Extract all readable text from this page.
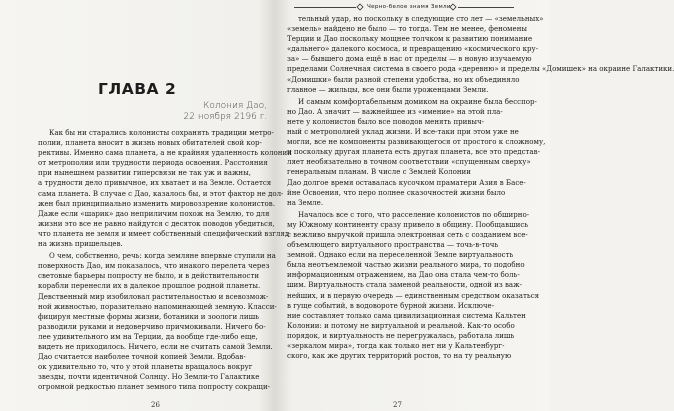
ГЛАВА 2
Колония Дао,
22 ноября 2196 г.
Как бы ни старались колонисты сохранять традиции метро-
полии, планета вносит в жизнь новых обитателей свой кор-
рективы. Именно сама планета, а не крайняя удаленность колонии
от метрополии или трудности периода освоения. Расстояния
при нынешнем развитии гиперсвязи не так уж и важны,
а трудности дело привычное, их хватает и на Земле. Остается
сама планета. В случае с Дао, казалось бы, и этот фактор не дол-
жен был принципиально изменить мировоззрение колонистов.
Даже если «шарик» дао неприличим похож на Землю, то для
жизни это все не равно найдутся с десяток поводов убедиться,
что планета не земля и имеет собственный специфический взгляд
на жизнь пришельцев.
О чем, собственно, речь: когда земляне впервые ступили на
поверхность Дао, им показалось, что инакого перелета через
световые барьеры попросту не было, и в действительности
корабли перенесли их в далекое прошлое родной планеты.
Девственный мир изобиловал растительностью и всевозмож-
ной живностью, поразительно напоминающей земную. Класси-
фицируя местные формы жизни, ботаники и зоологи лишь
разводили руками и недоверчиво причмокивали. Ничего бо-
лее удивительного им на Терции, да вообще где-либо еще,
видеть не приходилось. Ничего, если не считать самой Земли.
Дао считается наиболее точной копией Земли. Вдобав-
ок удивительно то, что у этой планеты вращалось вокруг
звезды, почти идентичной Солнцу. Но Земли-то Галактике
огромной редкостью планет земного типа попросту сокращи-
26
Черно-белое знамя Земли
тельный удар, но поскольку в следующие сто лет — «земельных»
«земель» найдено не было — то тогда. Тем не менее, феномены
Терции и Дао поскольку мощнее толчком к развитию понимание
«дальнего» далекого космоса, и превращению «космического кру-
за» — бывшего дома ещё в нас от пределы — в новую изучаемую
пределами Солнечная система в своего рода «деревню» и пределы «Домишек» на окраине Галактики.
«Домишки» были разной степени удобства, но их объединяло
главное — жильцы, все они были уроженцами Земли.
И самым комфортабельным домиком на окраине была бесспор-
но Дао. А значит — важнейшее из «имение» на этой пла-
нете у колонистов было все поводов менять привыч-
ный с метрополией уклад жизни. И все-таки при этом уже не
могли, все не компоненты развивающегося от простого к сложному,
и поскольку другая планета есть другая планета, все это представ-
ляет необязательно в точном соответствии «спущенным сверху»
генеральным планам. В числе с Землей Колонии
Дао долгое время оставалась кусочком праматери Азия в Басе-
йне Освоения, что перо полнее сказочностей жизни было
на Земле.
Началось все с того, что расселение колонистов по обширно-
му Южному континенту сразу привело в общину. Пообщавшись
с вежливо выручкой пришла электронная сеть с созданием все-
объемлющего виртуального пространства — точь-в-точь
земной. Однако если на переселенной Земле виртуальность
была неотъемлемой частью жизни реального мира, то подобно
информационным отражением, на Дао она стала чем-то боль-
шим. Виртуальность стала заменой реальности, одной из важ-
нейших, и в первую очередь — единственным средством оказаться
в гуще событий, в водовороте бурной жизни. Исключе-
ние составляет только сама цивилизационная система Кальтен
Колонии: и потому не виртуальной и реальной. Как-то особо
порядок, и виртуальность не перегружалась, работала лишь
«зеркалом мира», тогда как только нет ни у Кальтенбург-
ского, как же других территорий ростов, то на ту реальную
27
